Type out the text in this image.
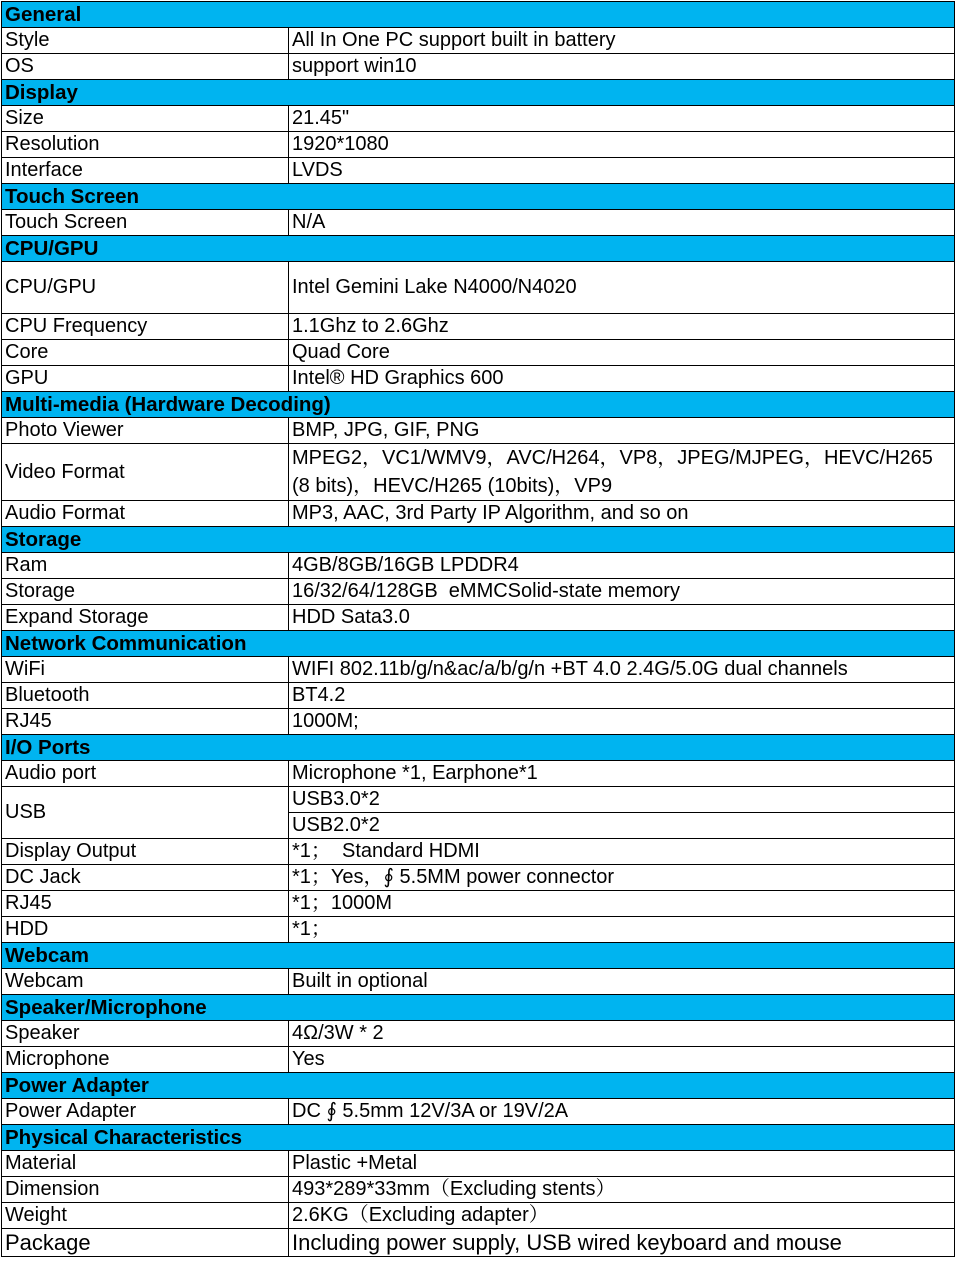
General	
Style	All In One PC support built in battery
OS	support win10
Display	
Size	21.45"
Resolution	1920*1080
Interface	LVDS
Touch Screen	
Touch Screen	N/A
CPU/GPU	
CPU/GPU	Intel Gemini Lake N4000/N4020
CPU Frequency	1.1Ghz to 2.6Ghz
Core	Quad Core
GPU	Intel® HD Graphics 600
Multi-media (Hardware Decoding)	
Photo Viewer	BMP, JPG, GIF, PNG
Video Format	MPEG2，VC1/WMV9，AVC/H264，VP8，JPEG/MJPEG，HEVC/H265 (8 bits)，HEVC/H265 (10bits)，VP9
Audio Format	MP3, AAC, 3rd Party IP Algorithm, and so on
Storage	
Ram	4GB/8GB/16GB LPDDR4
Storage	16/32/64/128GB  eMMCSolid-state memory
Expand Storage	HDD Sata3.0
Network Communication	
WiFi	WIFI 802.11b/g/n&ac/a/b/g/n +BT 4.0 2.4G/5.0G dual channels
Bluetooth	BT4.2
RJ45	1000M;
I/O Ports	
Audio port	Microphone *1, Earphone*1
USB	USB3.0*2
	USB2.0*2
Display Output	*1；  Standard HDMI
DC Jack	*1；Yes，∮ 5.5MM power connector
RJ45	*1；1000M
HDD	*1；
Webcam	
Webcam	Built in optional
Speaker/Microphone	
Speaker	4Ω/3W * 2
Microphone	Yes
Power Adapter	
Power Adapter	DC ∮ 5.5mm 12V/3A or 19V/2A
Physical Characteristics	
Material	Plastic +Metal
Dimension	493*289*33mm（Excluding stents）
Weight	2.6KG（Excluding adapter）
Package	Including power supply, USB wired keyboard and mouse
